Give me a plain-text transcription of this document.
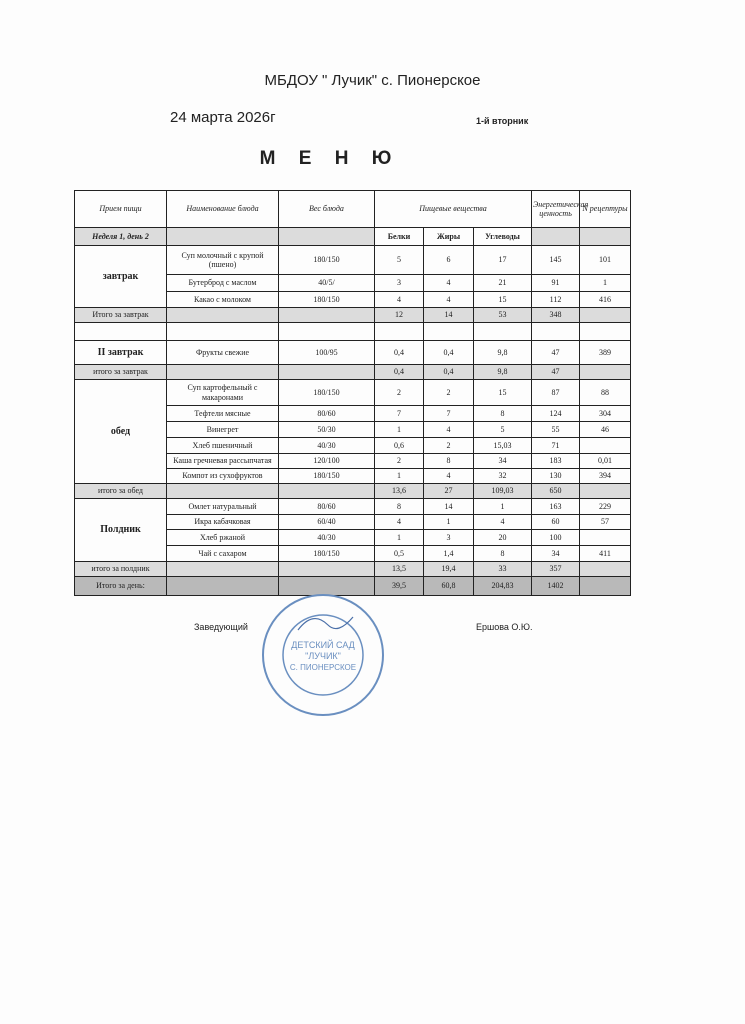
МБДОУ " Лучик" с. Пионерское
24 марта 2026г	1-й вторник
М Е Н Ю
Прием пищи	Наименование блюда	Вес блюда	Пищевые вещества			Энергетическая ценность	N рецептуры
Неделя 1, день 2			Белки	Жиры	Углеводы		
завтрак	Суп молочный с крупой (пшено)	180/150	5	6	17	145	101
	Бутерброд с маслом	40/5/	3	4	21	91	1
	Какао с молоком	180/150	4	4	15	112	416
Итого за завтрак			12	14	53	348	

II завтрак	Фрукты свежие	100/95	0,4	0,4	9,8	47	389
итого за завтрак			0,4	0,4	9,8	47	
обед	Суп картофельный с макаронами	180/150	2	2	15	87	88
	Тефтели мясные	80/60	7	7	8	124	304
	Винегрет	50/30	1	4	5	55	46
	Хлеб пшеничный	40/30	0,6	2	15,03	71	
	Каша гречневая рассыпчатая	120/100	2	8	34	183	0,01
	Компот из сухофруктов	180/150	1	4	32	130	394
итого за обед			13,6	27	109,03	650	
Полдник	Омлет натуральный	80/60	8	14	1	163	229
	Икра кабачковая	60/40	4	1	4	60	57
	Хлеб ржаной	40/30	1	3	20	100	
	Чай с сахаром	180/150	0,5	1,4	8	34	411
итого за полдник			13,5	19,4	33	357	
Итого за день:			39,5	60,8	204,83	1402	
Заведующий	Ершова О.Ю.
ДЕТСКИЙ САД
"ЛУЧИК"
С. ПИОНЕРСКОЕ
